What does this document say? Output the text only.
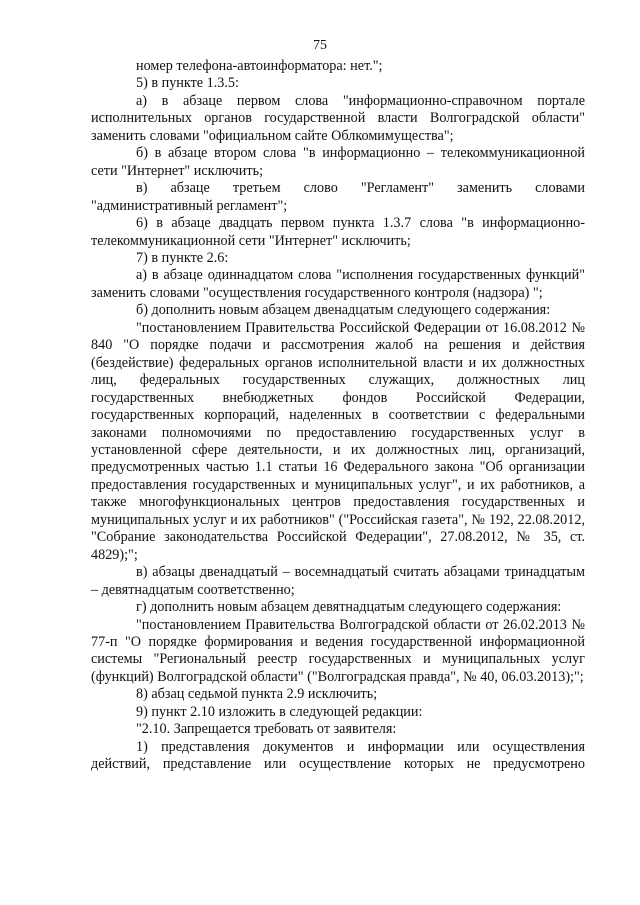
75

номер телефона-автоинформатора: нет.";

5) в пункте 1.3.5:

а) в абзаце первом слова "информационно-справочном портале исполнительных органов государственной власти Волгоградской области" заменить словами "официальном сайте Облкомимущества";

б) в абзаце втором слова "в информационно – телекоммуникационной сети "Интернет" исключить;

в) абзаце третьем слово "Регламент" заменить словами "административный регламент";

6) в абзаце двадцать первом пункта 1.3.7 слова "в информационно-телекоммуникационной сети "Интернет" исключить;

7) в пункте 2.6:

а) в абзаце одиннадцатом слова "исполнения государственных функций" заменить словами "осуществления государственного контроля (надзора) ";

б) дополнить новым абзацем двенадцатым следующего содержания:

"постановлением Правительства Российской Федерации от 16.08.2012 № 840 "О порядке подачи и рассмотрения жалоб на решения и действия (бездействие) федеральных органов исполнительной власти и их должностных лиц, федеральных государственных служащих, должностных лиц государственных внебюджетных фондов Российской Федерации, государственных корпораций, наделенных в соответствии с федеральными законами полномочиями по предоставлению государственных услуг в установленной сфере деятельности, и их должностных лиц, организаций, предусмотренных частью 1.1 статьи 16 Федерального закона "Об организации предоставления государственных и муниципальных услуг", и их работников, а также многофункциональных центров предоставления государственных и муниципальных услуг и их работников" ("Российская газета", № 192, 22.08.2012, "Собрание законодательства Российской Федерации", 27.08.2012, № 35, ст. 4829);";

в) абзацы двенадцатый – восемнадцатый считать абзацами тринадцатым – девятнадцатым соответственно;

г) дополнить новым абзацем девятнадцатым следующего содержания:

"постановлением Правительства Волгоградской области от 26.02.2013 № 77-п "О порядке формирования и ведения государственной информационной системы "Региональный реестр государственных и муниципальных услуг (функций) Волгоградской области" ("Волгоградская правда", № 40, 06.03.2013);";

8) абзац седьмой пункта 2.9 исключить;

9) пункт 2.10 изложить в следующей редакции:

"2.10. Запрещается требовать от заявителя:

1) представления документов и информации или осуществления действий, представление или осуществление которых не предусмотрено
